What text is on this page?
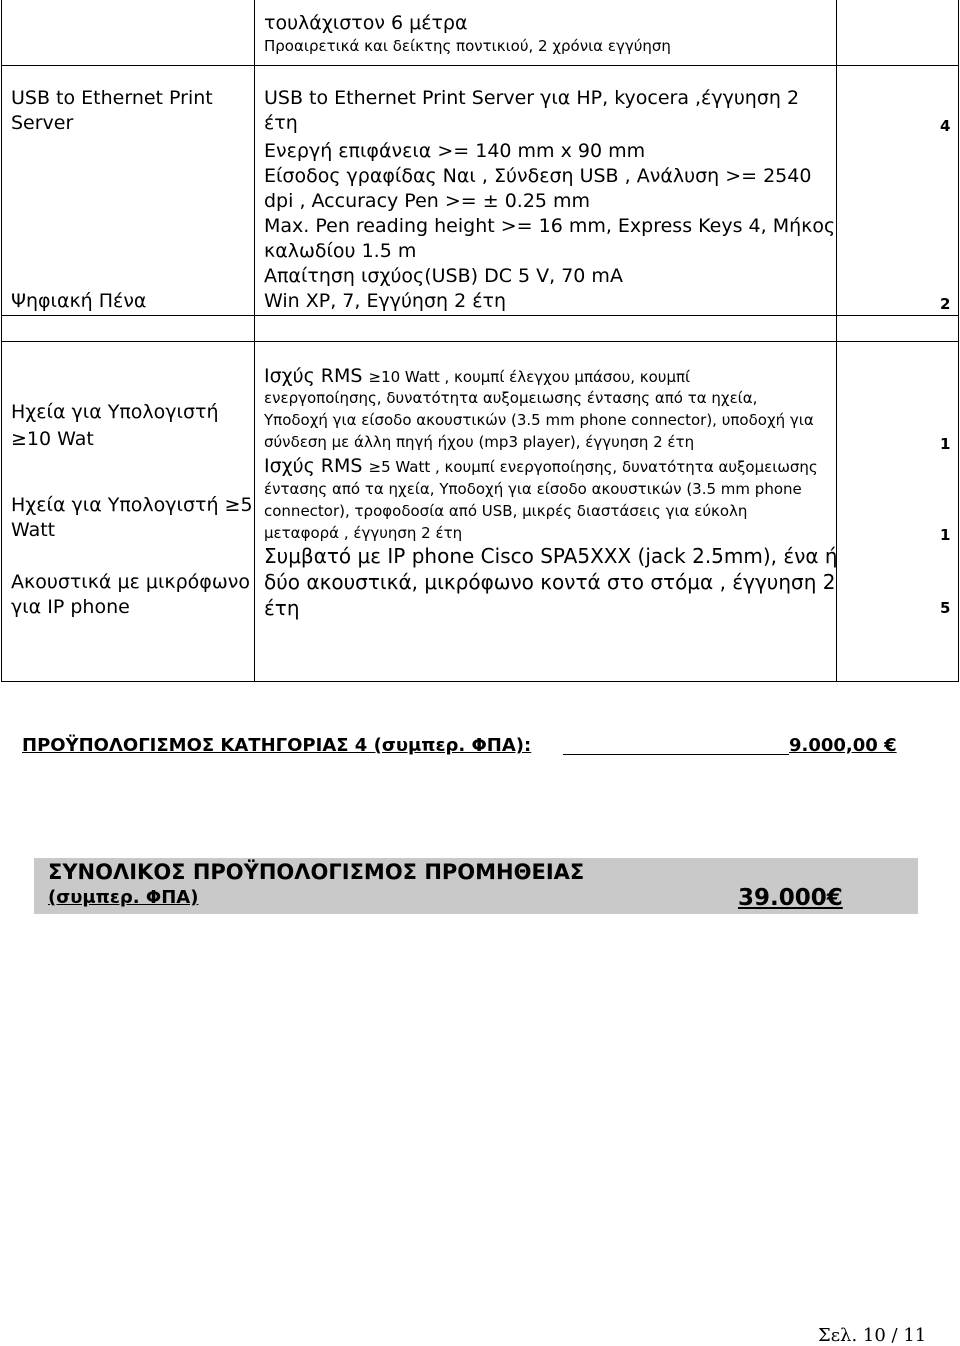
τουλάχιστον 6 μέτρα
Προαιρετικά και δείκτης ποντικιού, 2 χρόνια εγγύηση
USB to Ethernet Print
Server
USB to Ethernet Print Server για HP, kyocera ,έγγυηση 2
έτη	4
Ψηφιακή Πένα
Ενεργή επιφάνεια >= 140 mm x 90 mm
Είσοδος γραφίδας Ναι , Σύνδεση USB , Ανάλυση >= 2540
dpi , Accuracy Pen >= ± 0.25 mm
Max. Pen reading height >= 16 mm, Express Keys 4, Μήκος
καλωδίου 1.5 m
Απαίτηση ισχύος(USB) DC 5 V, 70 mA
Win XP, 7, Εγγύηση 2 έτη	2
Ηχεία για Υπολογιστή
≥10 Wat
Ισχύς RMS ≥10 Watt , κουμπί έλεγχου μπάσου, κουμπί
ενεργοποίησης, δυνατότητα αυξομειωσης έντασης από τα ηχεία,
Υποδοχή για είσοδο ακουστικών (3.5 mm phone connector), υποδοχή για
σύνδεση με άλλη πηγή ήχου (mp3 player), έγγυηση 2 έτη	1
Ηχεία για Υπολογιστή ≥5
Watt
Ισχύς RMS ≥5 Watt , κουμπί ενεργοποίησης, δυνατότητα αυξομειωσης
έντασης από τα ηχεία, Υποδοχή για είσοδο ακουστικών (3.5 mm phone
connector), τροφοδοσία από USB, μικρές διαστάσεις για εύκολη
μεταφορά , έγγυηση 2 έτη	1
Ακουστικά με μικρόφωνο
για IP phone
Συμβατό με IP phone Cisco SPA5XXX (jack 2.5mm), ένα ή
δύο ακουστικά, μικρόφωνο κοντά στο στόμα , έγγυηση 2
έτη	5
ΠΡΟΫΠΟΛΟΓΙΣΜΟΣ ΚΑΤΗΓΟΡΙΑΣ 4 (συμπερ. ΦΠΑ):	9.000,00 €
ΣΥΝΟΛΙΚΟΣ ΠΡΟΫΠΟΛΟΓΙΣΜΟΣ ΠΡΟΜΗΘΕΙΑΣ
(συμπερ. ΦΠΑ)	39.000€
Σελ. 10 / 11
